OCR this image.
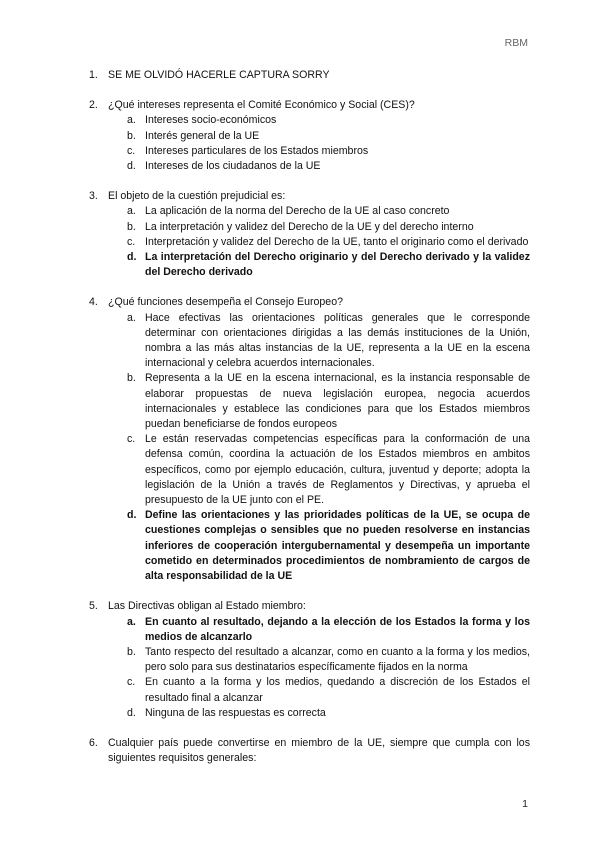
RBM
1. SE ME OLVIDÓ HACERLE CAPTURA SORRY
2. ¿Qué intereses representa el Comité Económico y Social (CES)?
a. Intereses socio-económicos
b. Interés general de la UE
c. Intereses particulares de los Estados miembros
d. Intereses de los ciudadanos de la UE
3. El objeto de la cuestión prejudicial es:
a. La aplicación de la norma del Derecho de la UE al caso concreto
b. La interpretación y validez del Derecho de la UE y del derecho interno
c. Interpretación y validez del Derecho de la UE, tanto el originario como el derivado
d. La interpretación del Derecho originario y del Derecho derivado y la validez del Derecho derivado
4. ¿Qué funciones desempeña el Consejo Europeo?
a. Hace efectivas las orientaciones políticas generales que le corresponde determinar con orientaciones dirigidas a las demás instituciones de la Unión, nombra a las más altas instancias de la UE, representa a la UE en la escena internacional y celebra acuerdos internacionales.
b. Representa a la UE en la escena internacional, es la instancia responsable de elaborar propuestas de nueva legislación europea, negocia acuerdos internacionales y establece las condiciones para que los Estados miembros puedan beneficiarse de fondos europeos
c. Le están reservadas competencias específicas para la conformación de una defensa común, coordina la actuación de los Estados miembros en ambitos específicos, como por ejemplo educación, cultura, juventud y deporte; adopta la legislación de la Unión a través de Reglamentos y Directivas, y aprueba el presupuesto de la UE junto con el PE.
d. Define las orientaciones y las prioridades políticas de la UE, se ocupa de cuestiones complejas o sensibles que no pueden resolverse en instancias inferiores de cooperación intergubernamental y desempeña un importante cometido en determinados procedimientos de nombramiento de cargos de alta responsabilidad de la UE
5. Las Directivas obligan al Estado miembro:
a. En cuanto al resultado, dejando a la elección de los Estados la forma y los medios de alcanzarlo
b. Tanto respecto del resultado a alcanzar, como en cuanto a la forma y los medios, pero solo para sus destinatarios específicamente fijados en la norma
c. En cuanto a la forma y los medios, quedando a discreción de los Estados el resultado final a alcanzar
d. Ninguna de las respuestas es correcta
6. Cualquier país puede convertirse en miembro de la UE, siempre que cumpla con los siguientes requisitos generales:
1
